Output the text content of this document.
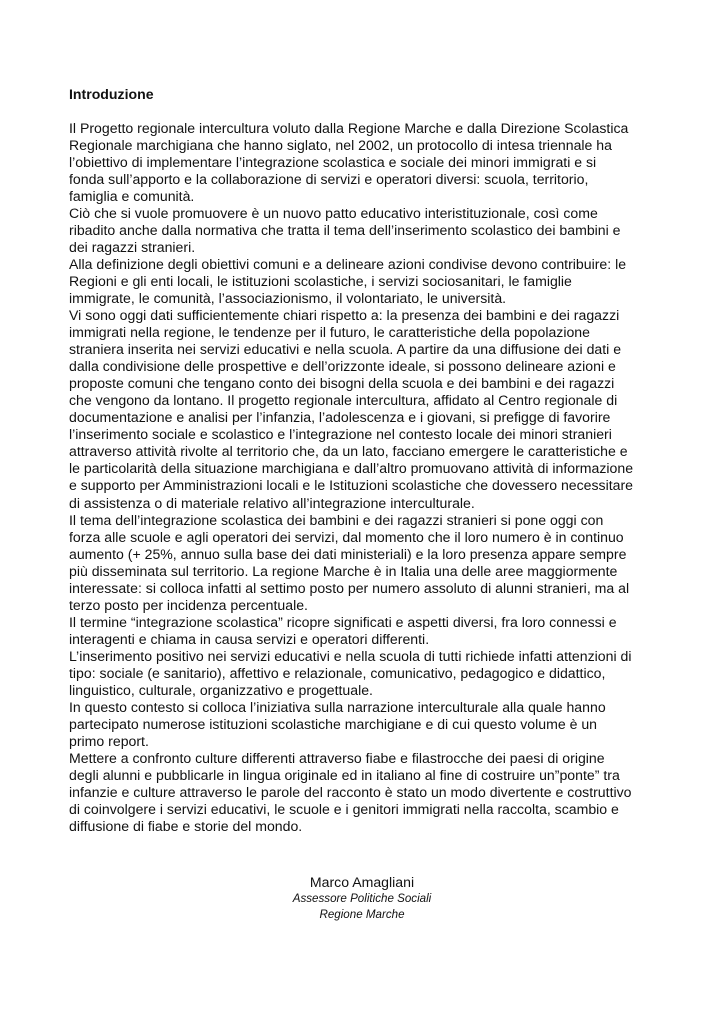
Introduzione
Il Progetto regionale intercultura voluto dalla Regione Marche e dalla Direzione Scolastica
Regionale marchigiana che hanno siglato, nel 2002, un protocollo di intesa triennale ha
l’obiettivo di implementare l’integrazione scolastica e sociale dei minori immigrati e si
fonda sull’apporto e la collaborazione di servizi e operatori diversi: scuola, territorio,
famiglia e comunità.
Ciò che si vuole promuovere è un nuovo patto educativo interistituzionale, così come
ribadito anche dalla normativa che tratta il tema dell’inserimento scolastico dei bambini e
dei ragazzi stranieri.
Alla definizione degli obiettivi comuni e a delineare azioni condivise devono contribuire: le
Regioni e gli enti locali, le istituzioni scolastiche, i servizi sociosanitari, le famiglie
immigrate, le comunità, l’associazionismo, il volontariato, le università.
Vi sono oggi dati sufficientemente chiari rispetto a: la presenza dei bambini e dei ragazzi
immigrati nella regione, le tendenze per il futuro, le caratteristiche della popolazione
straniera inserita nei servizi educativi e nella scuola. A partire da una diffusione dei dati e
dalla condivisione delle prospettive e dell’orizzonte ideale, si possono delineare azioni e
proposte comuni che tengano conto dei bisogni della scuola e dei bambini e dei ragazzi
che vengono da lontano. Il progetto regionale intercultura, affidato al Centro regionale di
documentazione e analisi per l’infanzia, l’adolescenza e i giovani, si prefigge di favorire
l’inserimento sociale e scolastico e l’integrazione nel contesto locale dei minori stranieri
attraverso attività rivolte al territorio che, da un lato, facciano emergere le caratteristiche e
le particolarità della situazione marchigiana e dall’altro promuovano attività di informazione
e supporto per Amministrazioni locali e le Istituzioni scolastiche che dovessero necessitare
di assistenza o di materiale relativo all’integrazione interculturale.
Il tema dell’integrazione scolastica dei bambini e dei ragazzi stranieri si pone oggi con
forza alle scuole e agli operatori dei servizi, dal momento che il loro numero è in continuo
aumento (+ 25%, annuo sulla base dei dati ministeriali) e la loro presenza appare sempre
più disseminata sul territorio. La regione Marche è in Italia una delle aree maggiormente
interessate: si colloca infatti al settimo posto per numero assoluto di alunni stranieri, ma al
terzo posto per incidenza percentuale.
Il termine “integrazione scolastica” ricopre significati e aspetti diversi, fra loro connessi e
interagenti e chiama in causa servizi e operatori differenti.
L’inserimento positivo nei servizi educativi e nella scuola di tutti richiede infatti attenzioni di
tipo: sociale (e sanitario), affettivo e relazionale, comunicativo, pedagogico e didattico,
linguistico, culturale, organizzativo e progettuale.
In questo contesto si colloca l’iniziativa sulla narrazione interculturale alla quale hanno
partecipato numerose istituzioni scolastiche marchigiane e di cui questo volume è un
primo report.
Mettere a confronto culture differenti attraverso fiabe e filastrocche dei paesi di origine
degli alunni e pubblicarle in lingua originale ed in italiano al fine di costruire un”ponte” tra
infanzie e culture attraverso le parole del racconto è stato un modo divertente e costruttivo
di coinvolgere i servizi educativi, le scuole e i genitori immigrati nella raccolta, scambio e
diffusione di fiabe e storie del mondo.
Marco Amagliani
Assessore Politiche Sociali
Regione Marche
